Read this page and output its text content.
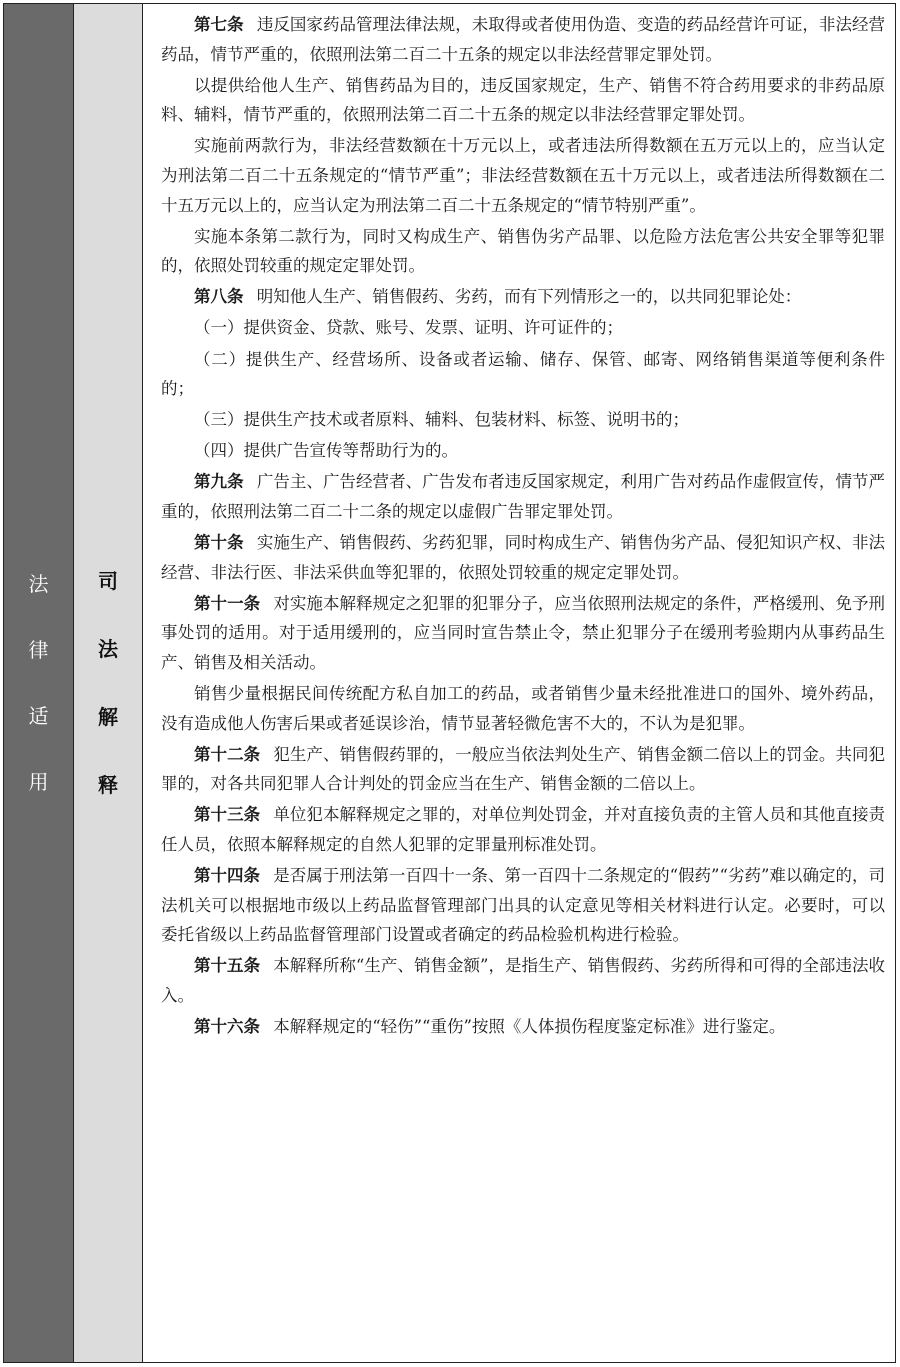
法
律
适
用
司
法
解
释

第七条 违反国家药品管理法律法规，未取得或者使用伪造、变造的药品经营许可证，非法经营药品，情节严重的，依照刑法第二百二十五条的规定以非法经营罪定罪处罚。

以提供给他人生产、销售药品为目的，违反国家规定，生产、销售不符合药用要求的非药品原料、辅料，情节严重的，依照刑法第二百二十五条的规定以非法经营罪定罪处罚。

实施前两款行为，非法经营数额在十万元以上，或者违法所得数额在五万元以上的，应当认定为刑法第二百二十五条规定的“情节严重”；非法经营数额在五十万元以上，或者违法所得数额在二十五万元以上的，应当认定为刑法第二百二十五条规定的“情节特别严重”。

实施本条第二款行为，同时又构成生产、销售伪劣产品罪、以危险方法危害公共安全罪等犯罪的，依照处罚较重的规定定罪处罚。

第八条 明知他人生产、销售假药、劣药，而有下列情形之一的，以共同犯罪论处：

（一）提供资金、贷款、账号、发票、证明、许可证件的；

（二）提供生产、经营场所、设备或者运输、储存、保管、邮寄、网络销售渠道等便利条件的；

（三）提供生产技术或者原料、辅料、包装材料、标签、说明书的；

（四）提供广告宣传等帮助行为的。

第九条 广告主、广告经营者、广告发布者违反国家规定，利用广告对药品作虚假宣传，情节严重的，依照刑法第二百二十二条的规定以虚假广告罪定罪处罚。

第十条 实施生产、销售假药、劣药犯罪，同时构成生产、销售伪劣产品、侵犯知识产权、非法经营、非法行医、非法采供血等犯罪的，依照处罚较重的规定定罪处罚。

第十一条 对实施本解释规定之犯罪的犯罪分子，应当依照刑法规定的条件，严格缓刑、免予刑事处罚的适用。对于适用缓刑的，应当同时宣告禁止令，禁止犯罪分子在缓刑考验期内从事药品生产、销售及相关活动。

销售少量根据民间传统配方私自加工的药品，或者销售少量未经批准进口的国外、境外药品，没有造成他人伤害后果或者延误诊治，情节显著轻微危害不大的，不认为是犯罪。

第十二条 犯生产、销售假药罪的，一般应当依法判处生产、销售金额二倍以上的罚金。共同犯罪的，对各共同犯罪人合计判处的罚金应当在生产、销售金额的二倍以上。

第十三条 单位犯本解释规定之罪的，对单位判处罚金，并对直接负责的主管人员和其他直接责任人员，依照本解释规定的自然人犯罪的定罪量刑标准处罚。

第十四条 是否属于刑法第一百四十一条、第一百四十二条规定的“假药”“劣药”难以确定的，司法机关可以根据地市级以上药品监督管理部门出具的认定意见等相关材料进行认定。必要时，可以委托省级以上药品监督管理部门设置或者确定的药品检验机构进行检验。

第十五条 本解释所称“生产、销售金额”，是指生产、销售假药、劣药所得和可得的全部违法收入。

第十六条 本解释规定的“轻伤”“重伤”按照《人体损伤程度鉴定标准》进行鉴定。
